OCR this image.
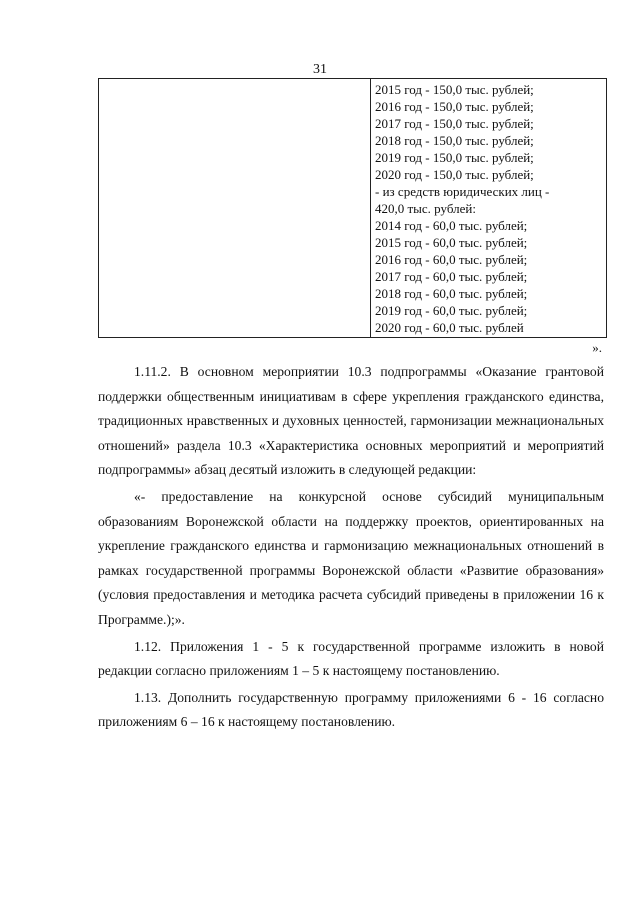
31
2015 год - 150,0 тыс. рублей;
2016 год - 150,0 тыс. рублей;
2017 год - 150,0 тыс. рублей;
2018 год - 150,0 тыс. рублей;
2019 год - 150,0 тыс. рублей;
2020 год - 150,0 тыс. рублей;
- из средств юридических лиц -
420,0 тыс. рублей:
2014 год - 60,0 тыс. рублей;
2015 год - 60,0 тыс. рублей;
2016 год - 60,0 тыс. рублей;
2017 год - 60,0 тыс. рублей;
2018 год - 60,0 тыс. рублей;
2019 год - 60,0 тыс. рублей;
2020 год - 60,0 тыс. рублей
».

1.11.2. В основном мероприятии 10.3 подпрограммы «Оказание грантовой поддержки общественным инициативам в сфере укрепления гражданского единства, традиционных нравственных и духовных ценностей, гармонизации межнациональных отношений» раздела 10.3 «Характеристика основных мероприятий и мероприятий подпрограммы» абзац десятый изложить в следующей редакции:

«- предоставление на конкурсной основе субсидий муниципальным образованиям Воронежской области на поддержку проектов, ориентированных на укрепление гражданского единства и гармонизацию межнациональных отношений в рамках государственной программы Воронежской области «Развитие образования» (условия предоставления и методика расчета субсидий приведены в приложении 16 к Программе.);».

1.12. Приложения 1 - 5 к государственной программе изложить в новой редакции согласно приложениям 1 – 5 к настоящему постановлению.

1.13. Дополнить государственную программу приложениями 6 - 16 согласно приложениям 6 – 16 к настоящему постановлению.
